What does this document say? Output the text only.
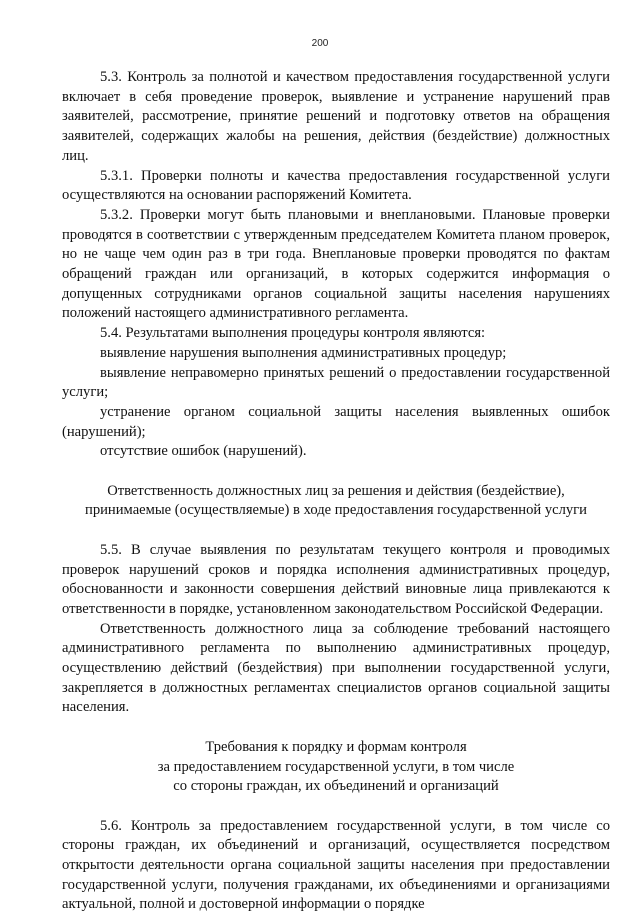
200

5.3. Контроль за полнотой и качеством предоставления государственной услуги включает в себя проведение проверок, выявление и устранение нарушений прав заявителей, рассмотрение, принятие решений и подготовку ответов на обращения заявителей, содержащих жалобы на решения, действия (бездействие) должностных лиц.

5.3.1. Проверки полноты и качества предоставления государственной услуги осуществляются на основании распоряжений Комитета.

5.3.2. Проверки могут быть плановыми и внеплановыми. Плановые проверки проводятся в соответствии с утвержденным председателем Комитета планом проверок, но не чаще чем один раз в три года. Внеплановые проверки проводятся по фактам обращений граждан или организаций, в которых содержится информация о допущенных сотрудниками органов социальной защиты населения нарушениях положений настоящего административного регламента.

5.4. Результатами выполнения процедуры контроля являются:

выявление нарушения выполнения административных процедур;

выявление неправомерно принятых решений о предоставлении государственной услуги;

устранение органом социальной защиты населения выявленных ошибок (нарушений);

отсутствие ошибок (нарушений).

Ответственность должностных лиц за решения и действия (бездействие),

принимаемые (осуществляемые) в ходе предоставления государственной услуги

5.5. В случае выявления по результатам текущего контроля и проводимых проверок нарушений сроков и порядка исполнения административных процедур, обоснованности и законности совершения действий виновные лица привлекаются к ответственности в порядке, установленном законодательством Российской Федерации.

Ответственность должностного лица за соблюдение требований настоящего административного регламента по выполнению административных процедур, осуществлению действий (бездействия) при выполнении государственной услуги, закрепляется в должностных регламентах специалистов органов социальной защиты населения.

Требования к порядку и формам контроля

за предоставлением государственной услуги, в том числе

со стороны граждан, их объединений и организаций

5.6. Контроль за предоставлением государственной услуги, в том числе со стороны граждан, их объединений и организаций, осуществляется посредством открытости деятельности органа социальной защиты населения при предоставлении государственной услуги, получения гражданами, их объединениями и организациями актуальной, полной и достоверной информации о порядке
